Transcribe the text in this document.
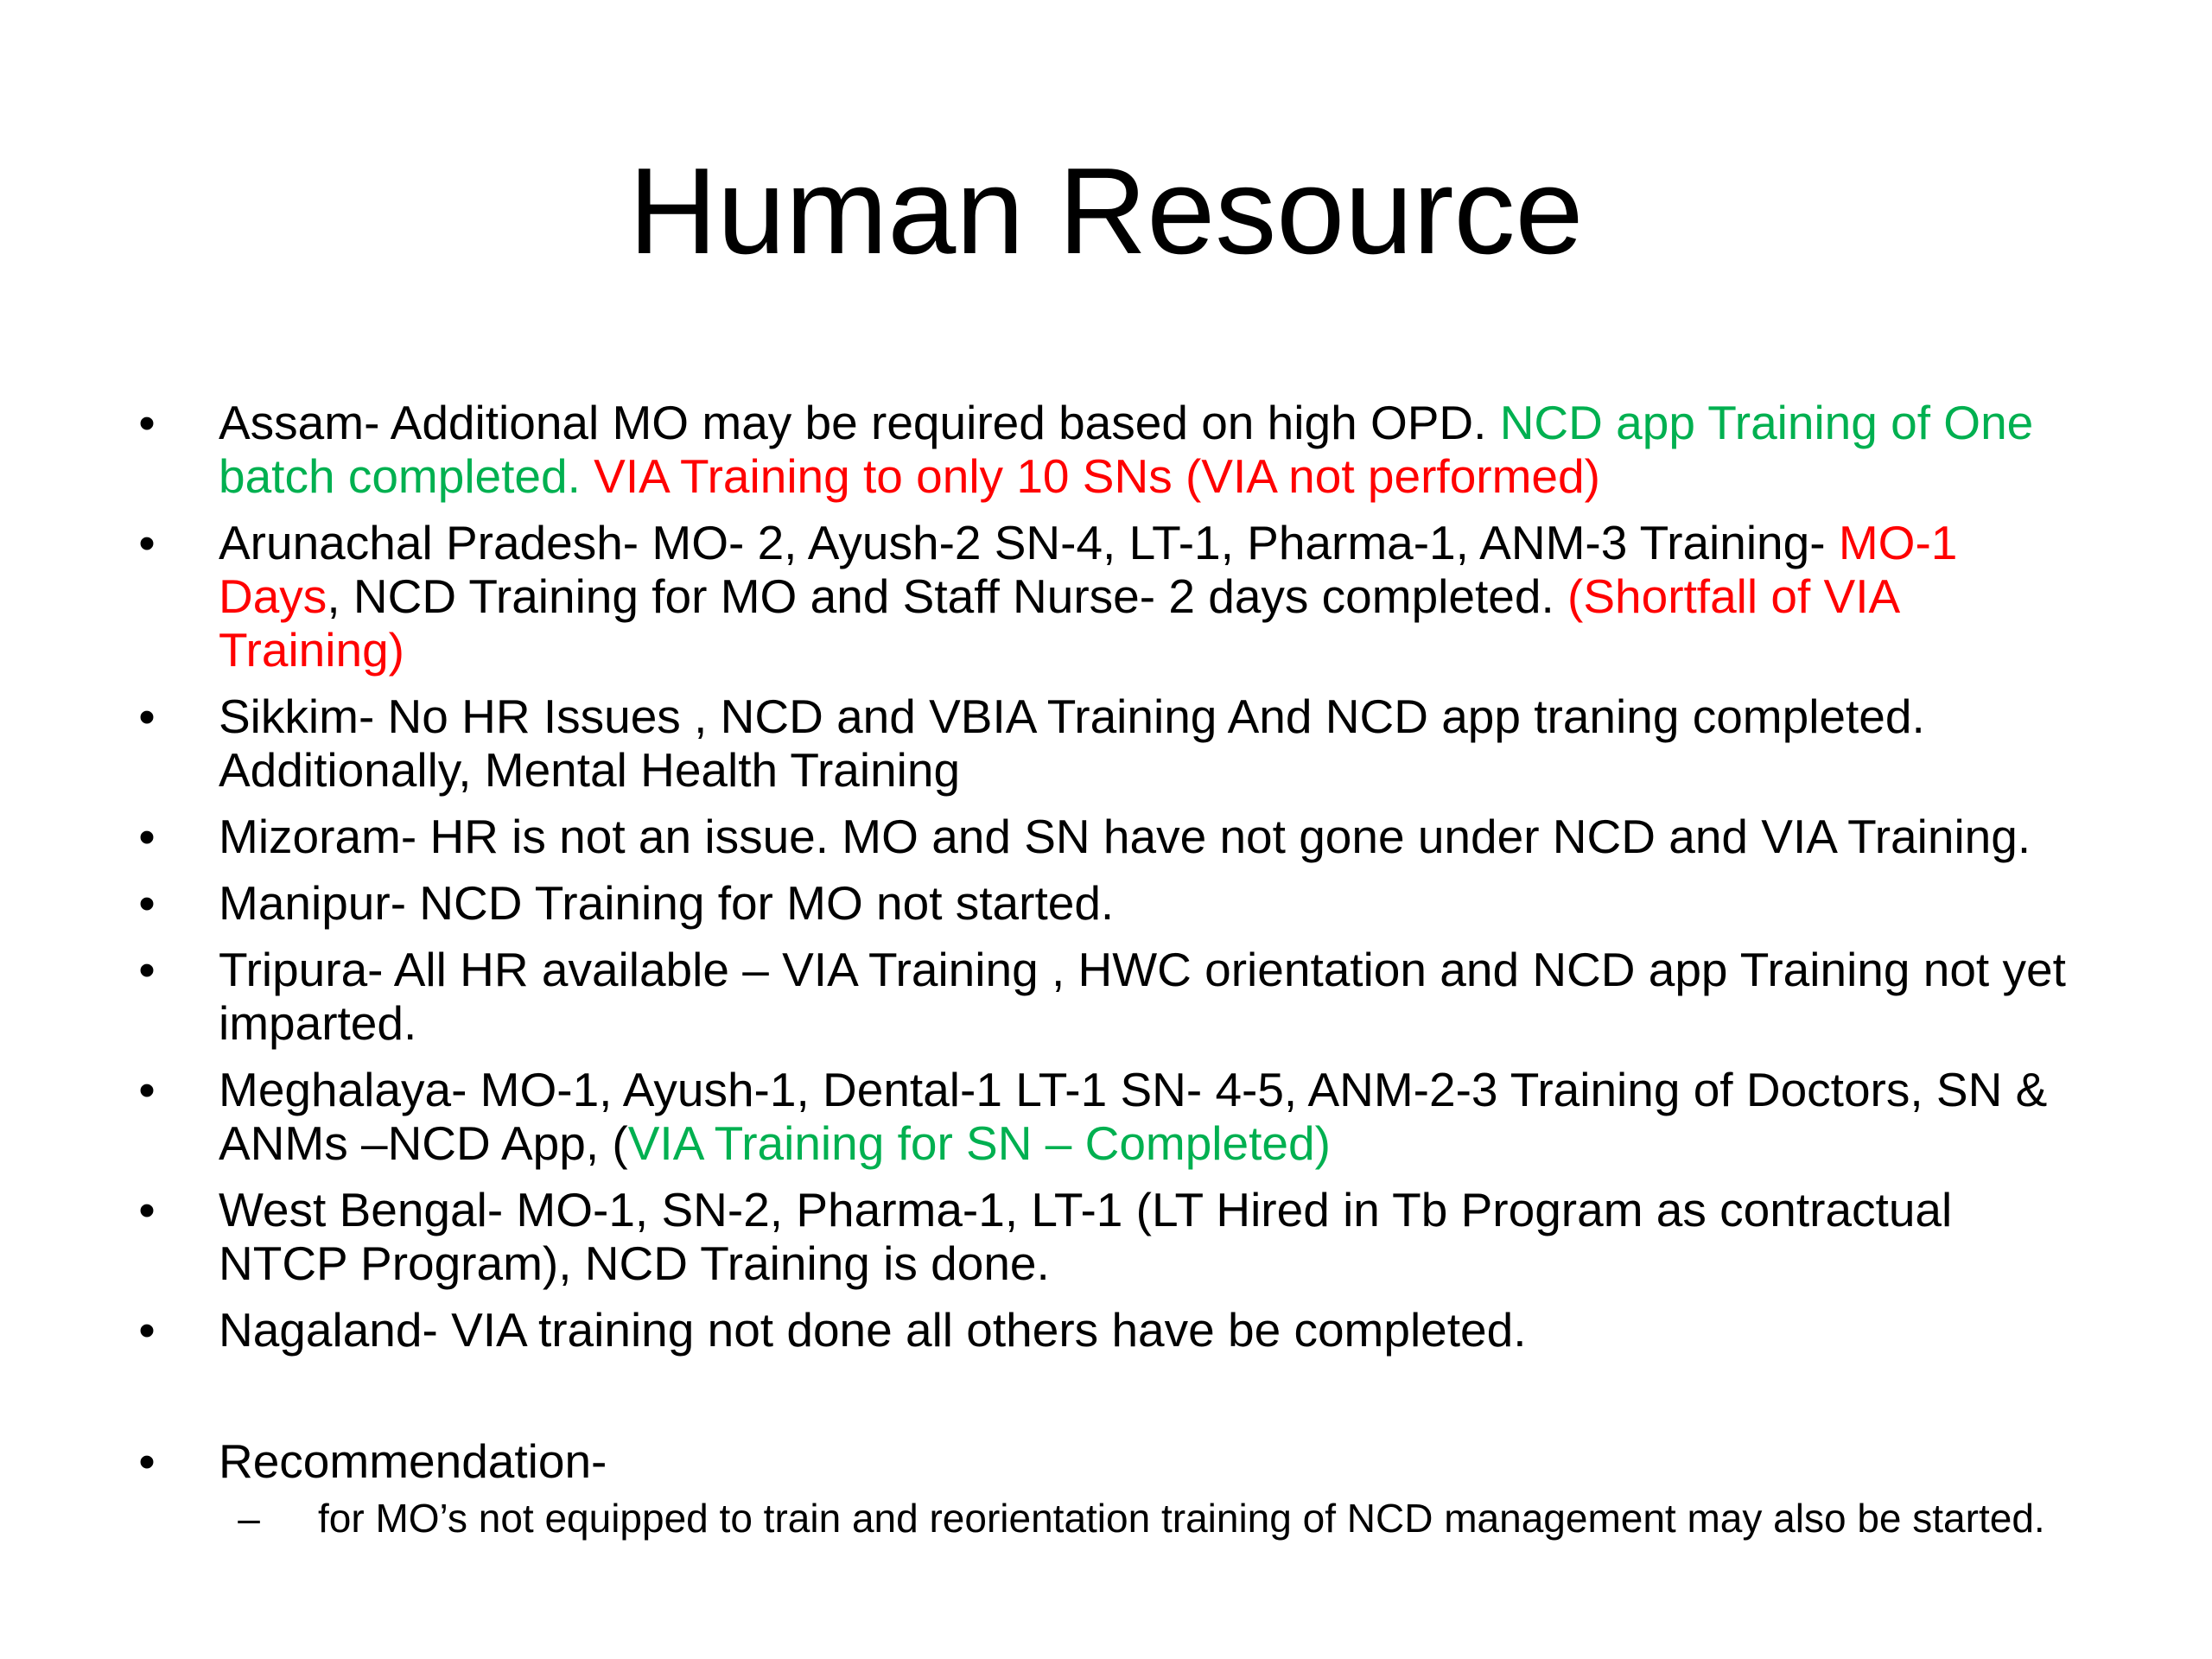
Human Resource
• Assam- Additional MO may be required based on high OPD. NCD app Training of One batch completed. VIA Training to only 10 SNs (VIA not performed)
• Arunachal Pradesh- MO- 2, Ayush-2 SN-4, LT-1, Pharma-1, ANM-3 Training- MO-1 Days, NCD Training for MO and Staff Nurse- 2 days completed. (Shortfall of VIA Training)
• Sikkim- No HR Issues , NCD and VBIA Training And NCD app traning completed. Additionally, Mental Health Training
• Mizoram- HR is not an issue. MO and SN have not gone under NCD and VIA Training.
• Manipur- NCD Training for MO not started.
• Tripura- All HR available – VIA Training , HWC orientation and NCD app Training not yet imparted.
• Meghalaya- MO-1, Ayush-1, Dental-1 LT-1 SN- 4-5, ANM-2-3 Training of Doctors, SN & ANMs –NCD App, (VIA Training for SN – Completed)
• West Bengal- MO-1, SN-2, Pharma-1, LT-1 (LT Hired in Tb Program as contractual NTCP Program), NCD Training is done.
• Nagaland- VIA training not done all others have be completed.
• Recommendation-
–	for MO’s not equipped to train and reorientation training of NCD management may also be started.
